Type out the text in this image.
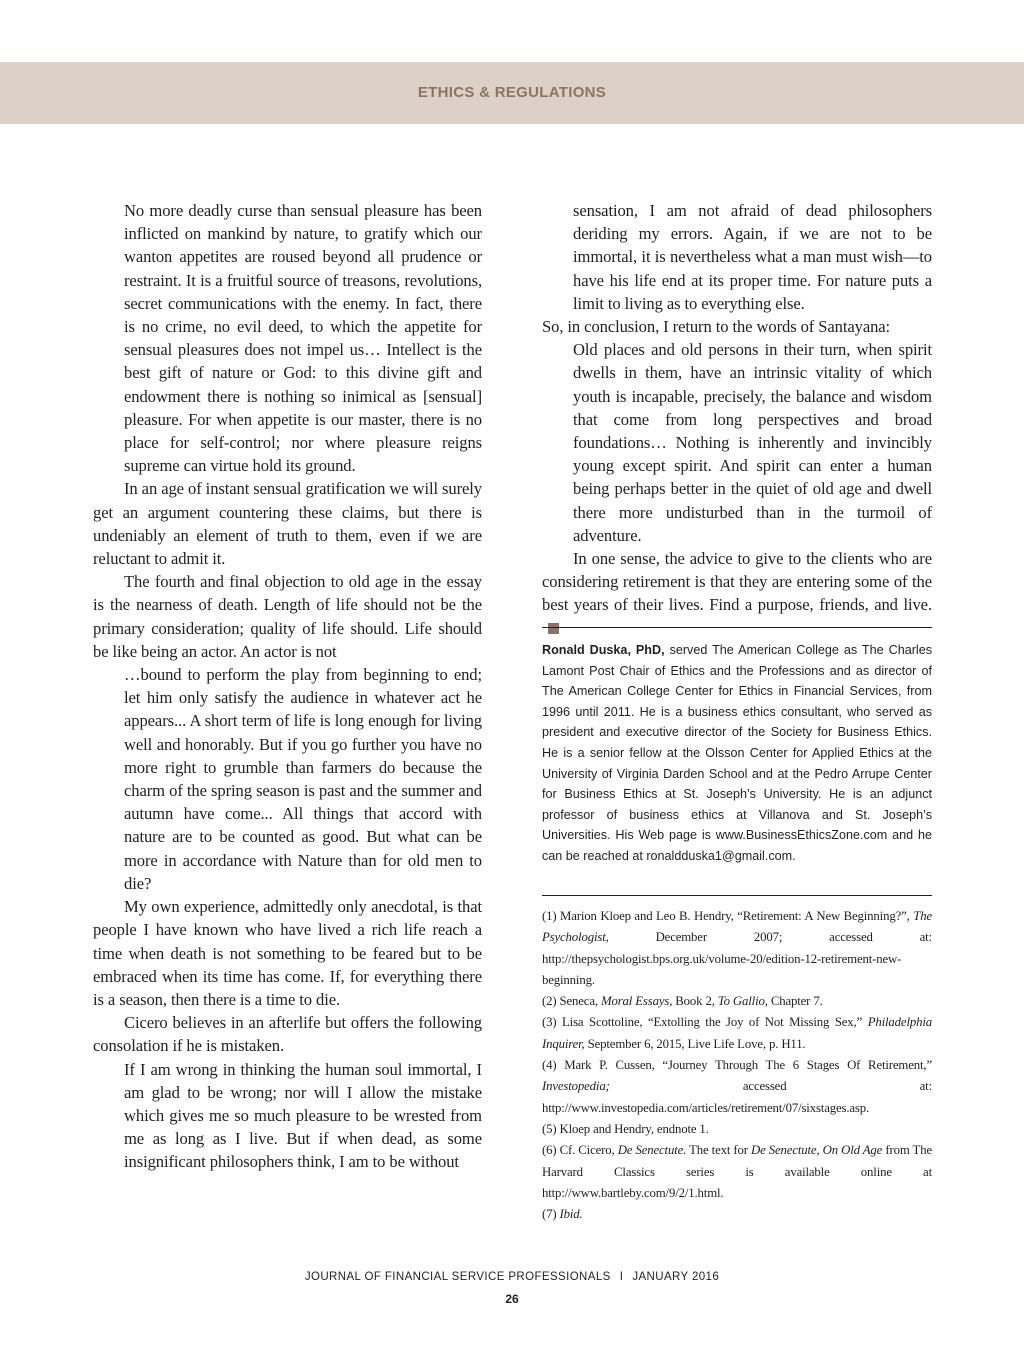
ETHICS & REGULATIONS

No more deadly curse than sensual pleasure has been inflicted on mankind by nature, to gratify which our wanton appetites are roused beyond all prudence or restraint. It is a fruitful source of treasons, revolutions, secret communications with the enemy. In fact, there is no crime, no evil deed, to which the appetite for sensual pleasures does not impel us… Intellect is the best gift of nature or God: to this divine gift and endowment there is nothing so inimical as [sensual] pleasure. For when appetite is our master, there is no place for self-control; nor where pleasure reigns supreme can virtue hold its ground.

In an age of instant sensual gratification we will surely get an argument countering these claims, but there is undeniably an element of truth to them, even if we are reluctant to admit it.

The fourth and final objection to old age in the essay is the nearness of death. Length of life should not be the primary consideration; quality of life should. Life should be like being an actor. An actor is not

…bound to perform the play from beginning to end; let him only satisfy the audience in whatever act he appears... A short term of life is long enough for living well and honorably. But if you go further you have no more right to grumble than farmers do because the charm of the spring season is past and the summer and autumn have come... All things that accord with nature are to be counted as good. But what can be more in accordance with Nature than for old men to die?

My own experience, admittedly only anecdotal, is that people I have known who have lived a rich life reach a time when death is not something to be feared but to be embraced when its time has come. If, for everything there is a season, then there is a time to die.

Cicero believes in an afterlife but offers the following consolation if he is mistaken.

If I am wrong in thinking the human soul immortal, I am glad to be wrong; nor will I allow the mistake which gives me so much pleasure to be wrested from me as long as I live. But if when dead, as some insignificant philosophers think, I am to be without

sensation, I am not afraid of dead philosophers deriding my errors. Again, if we are not to be immortal, it is nevertheless what a man must wish—to have his life end at its proper time. For nature puts a limit to living as to everything else.

So, in conclusion, I return to the words of Santayana:

Old places and old persons in their turn, when spirit dwells in them, have an intrinsic vitality of which youth is incapable, precisely, the balance and wisdom that come from long perspectives and broad foundations… Nothing is inherently and invincibly young except spirit. And spirit can enter a human being perhaps better in the quiet of old age and dwell there more undisturbed than in the turmoil of adventure.

In one sense, the advice to give to the clients who are considering retirement is that they are entering some of the best years of their lives. Find a purpose, friends, and live.

Ronald Duska, PhD, served The American College as The Charles Lamont Post Chair of Ethics and the Professions and as director of The American College Center for Ethics in Financial Services, from 1996 until 2011. He is a business ethics consultant, who served as president and executive director of the Society for Business Ethics. He is a senior fellow at the Olsson Center for Applied Ethics at the University of Virginia Darden School and at the Pedro Arrupe Center for Business Ethics at St. Joseph’s University. He is an adjunct professor of business ethics at Villanova and St. Joseph’s Universities. His Web page is www.BusinessEthicsZone.com and he can be reached at ronaldduska1@gmail.com.

(1) Marion Kloep and Leo B. Hendry, “Retirement: A New Beginning?”, The Psychologist, December 2007; accessed at: http://thepsychologist.bps.org.uk/volume-20/edition-12-retirement-new-beginning.

(2) Seneca, Moral Essays, Book 2, To Gallio, Chapter 7.

(3) Lisa Scottoline, “Extolling the Joy of Not Missing Sex,” Philadelphia Inquirer, September 6, 2015, Live Life Love, p. H11.

(4) Mark P. Cussen, “Journey Through The 6 Stages Of Retirement,” Investopedia; accessed at: http://www.investopedia.com/articles/retirement/07/sixstages.asp.

(5) Kloep and Hendry, endnote 1.

(6) Cf. Cicero, De Senectute. The text for De Senectute, On Old Age from The Harvard Classics series is available online at http://www.bartleby.com/9/2/1.html.

(7) Ibid.

JOURNAL OF FINANCIAL SERVICE PROFESSIONALS I JANUARY 2016
26
